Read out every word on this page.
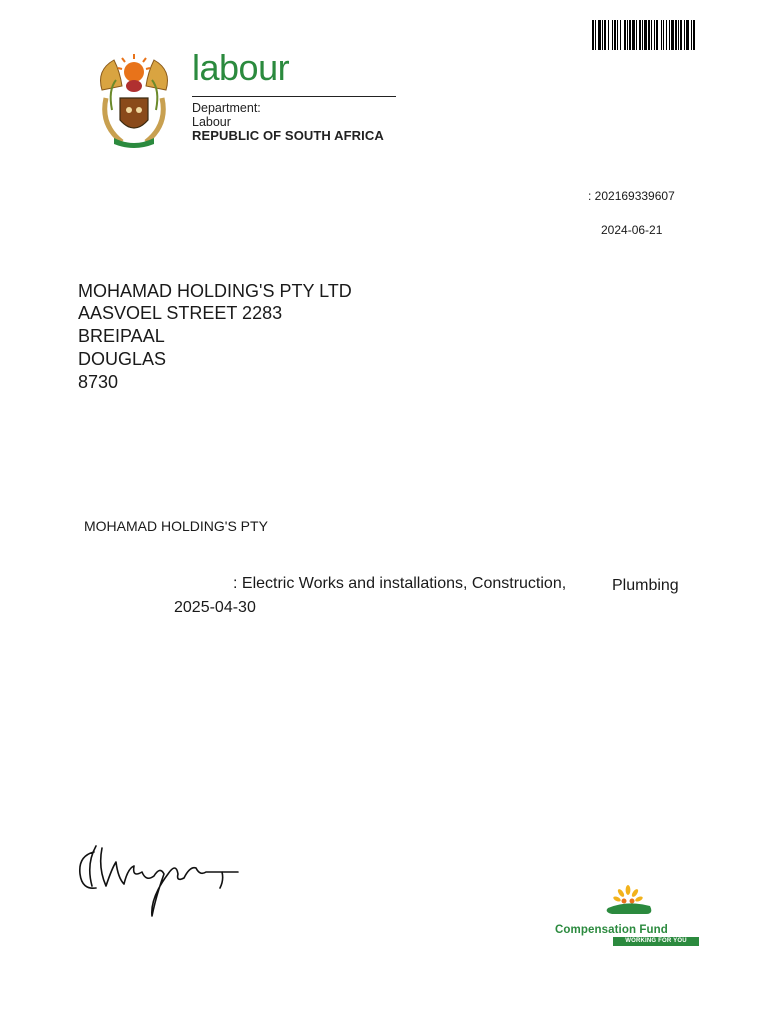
labour
Department:
Labour
REPUBLIC OF SOUTH AFRICA
: 202169339607
2024-06-21
MOHAMAD HOLDING'S PTY LTD
AASVOEL STREET 2283
BREIPAAL
DOUGLAS
8730
MOHAMAD HOLDING'S PTY
: Electric Works and installations, Construction,	Plumbing
2025-04-30
Compensation Fund
WORKING FOR YOU
